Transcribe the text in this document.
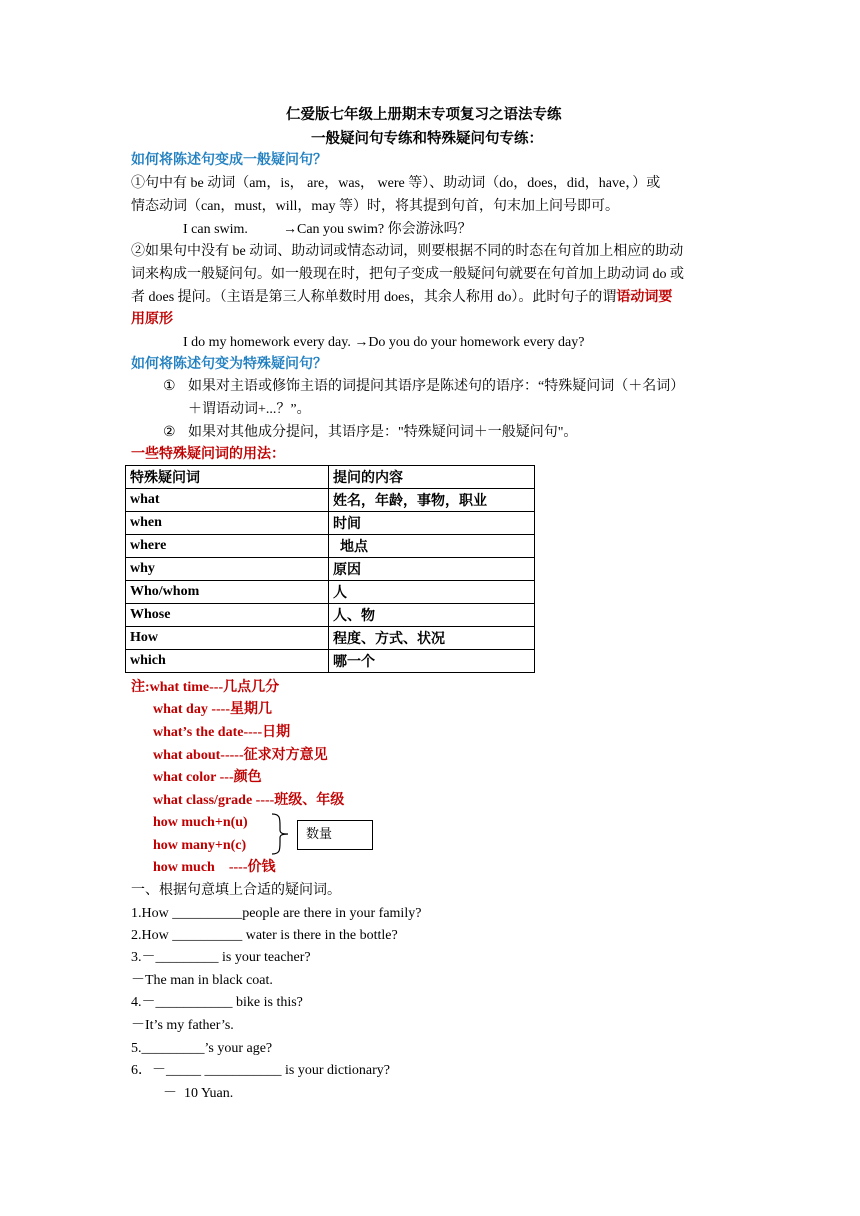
仁爱版七年级上册期末专项复习之语法专练
一般疑问句专练和特殊疑问句专练：
如何将陈述句变成一般疑问句？
①句中有 be 动词（am，is， are，was， were 等）、助动词（do，does，did，have，）或
情态动词（can，must，will，may 等）时，将其提到句首，句末加上问号即可。
I can swim.	→Can you swim? 你会游泳吗？
②如果句中没有 be 动词、助动词或情态动词，则要根据不同的时态在句首加上相应的助动
词来构成一般疑问句。如一般现在时，把句子变成一般疑问句就要在句首加上助动词 do 或
者 does 提问。（主语是第三人称单数时用 does，其余人称用 do）。此时句子的谓语动词要
用原形
I do my homework every day. →Do you do your homework every day?
如何将陈述句变为特殊疑问句？
① 如果对主语或修饰主语的词提问其语序是陈述句的语序：“特殊疑问词（＋名词）
＋谓语动词+...？”。
② 如果对其他成分提问，其语序是："特殊疑问词＋一般疑问句"。
一些特殊疑问词的用法：
特殊疑问词	提问的内容
what	姓名，年龄，事物，职业
when	时间
where	地点
why	原因
Who/whom	人
Whose	人、物
How	程度、方式、状况
which	哪一个
注:what time---几点几分
what day ----星期几
what’s the date----日期
what about-----征求对方意见
what color ---颜色
what class/grade ----班级、年级
how much+n(u)
how many+n(c)
how much    ----价钱
数量
一、根据句意填上合适的疑问词。
1.How __________people are there in your family?
2.How __________ water is there in the bottle?
3.－_________ is your teacher?
－The man in black coat.
4.－___________ bike is this?
－It’s my father’s.
5._________’s your age?
6．－_____ ___________ is your dictionary?
－  10 Yuan.
